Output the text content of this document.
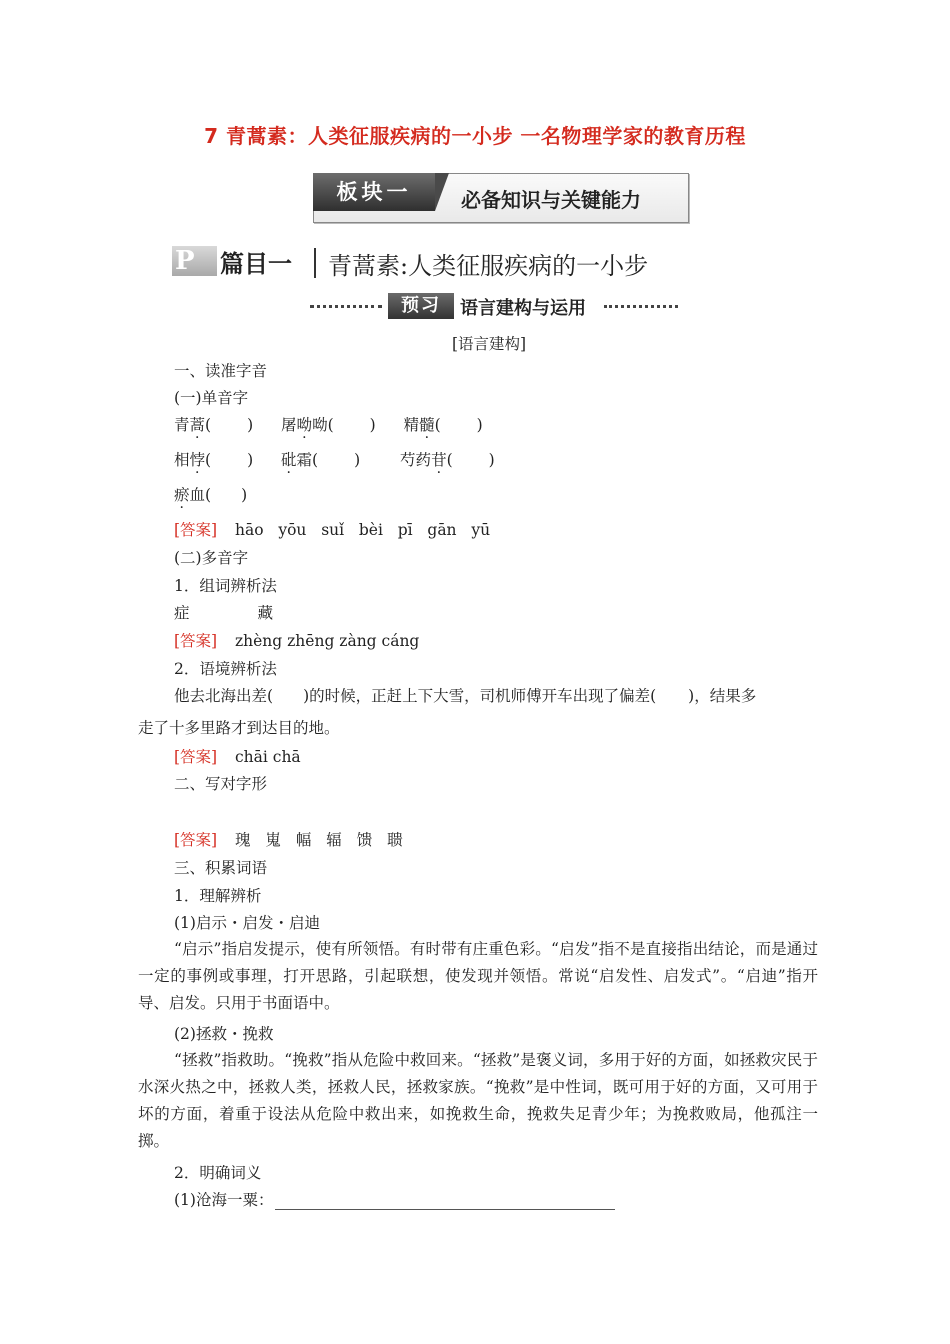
7 青蒿素：人类征服疾病的一小步 一名物理学家的教育历程
板块一	必备知识与关键能力
P
IANMU
篇目一 青蒿素:人类征服疾病的一小步
预习	语言建构与运用
[语言建构]
一、读准字音
(一)单音字
青蒿( ) 屠呦呦( ) 精髓( )
相悖( ) 砒霜( )	芍药苷( )
瘀血( )
[答案] hāo yōu suǐ bèi pī gān yū
(二)多音字
1．组词辨析法
症	藏
[答案] zhèng zhēng zàng cáng
2．语境辨析法
他去北海出差( )的时候，正赶上下大雪，司机师傅开车出现了偏差( )，结果多
走了十多里路才到达目的地。
[答案] chāi chā
二、写对字形
[答案] 瑰 嵬 幅 辐 馈 聩
三、积累词语
1．理解辨析
(1)启示・启发・启迪
“启示”指启发提示，使有所领悟。有时带有庄重色彩。“启发”指不是直接指出结论，而是通过一定的事例或事理，打开思路，引起联想，使发现并领悟。常说“启发性、启发式”。“启迪”指开导、启发。只用于书面语中。
(2)拯救・挽救
“拯救”指救助。“挽救”指从危险中救回来。“拯救”是褒义词，多用于好的方面，如拯救灾民于水深火热之中，拯救人类，拯救人民，拯救家族。“挽救”是中性词，既可用于好的方面，又可用于坏的方面，着重于设法从危险中救出来，如挽救生命，挽救失足青少年；为挽救败局，他孤注一掷。
2．明确词义
(1)沧海一粟：
